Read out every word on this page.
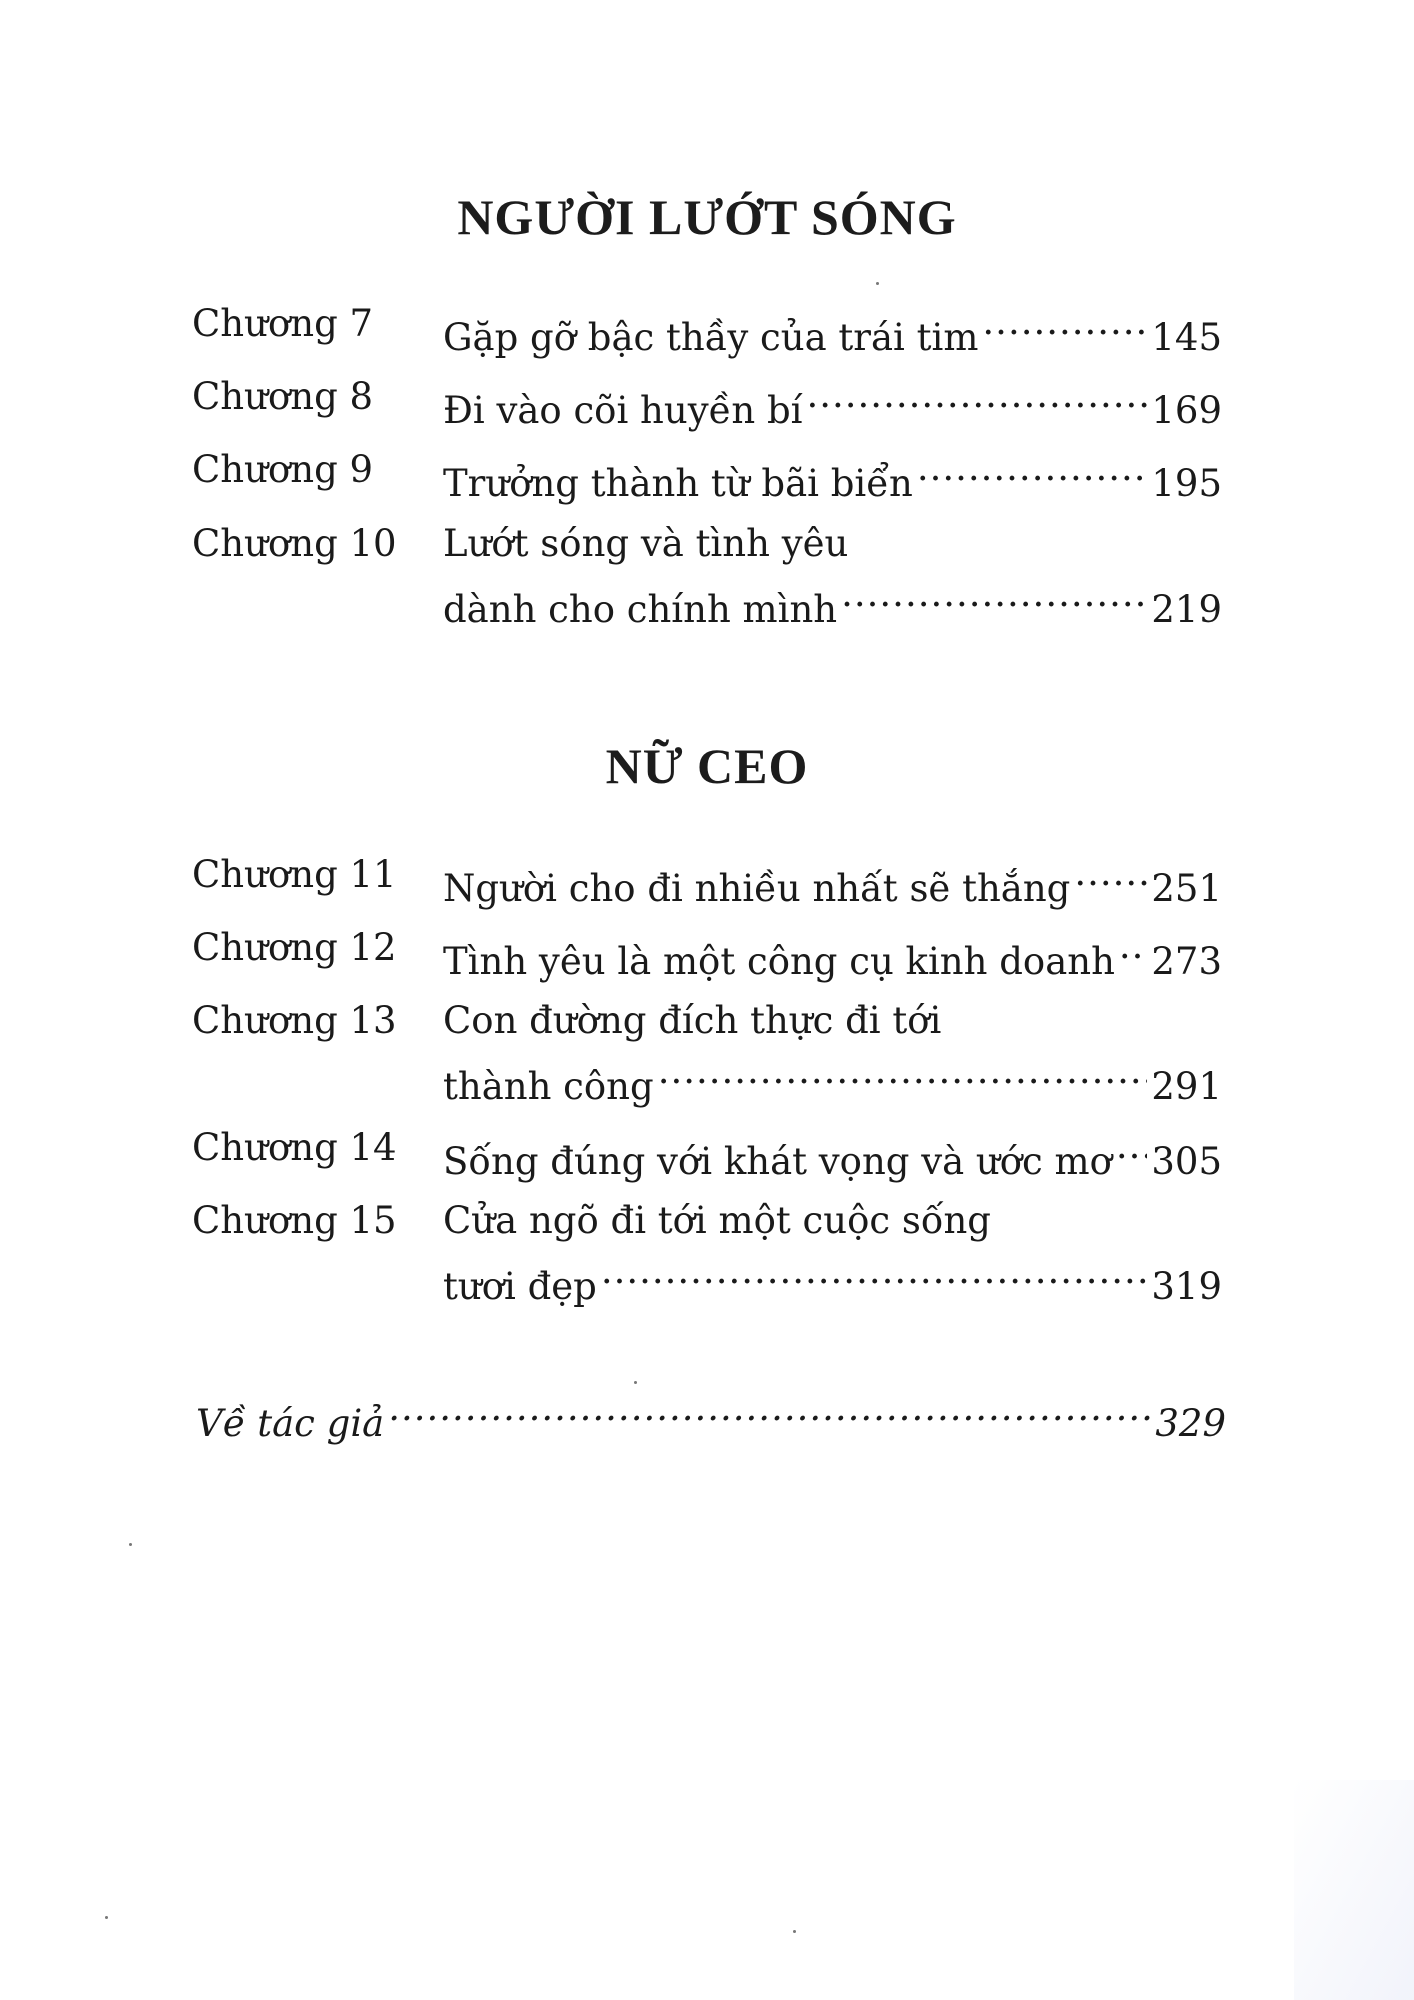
NGƯỜI LƯỚT SÓNG
Chương 7	Gặp gỡ bậc thầy của trái tim .....	145
Chương 8	Đi vào cõi huyền bí .....	169
Chương 9	Trưởng thành từ bãi biển .....	195
Chương 10	Lướt sóng và tình yêu
dành cho chính mình .....	219
NỮ CEO
Chương 11	Người cho đi nhiều nhất sẽ thắng ..... 251
Chương 12	Tình yêu là một công cụ kinh doanh ..... 273
Chương 13	Con đường đích thực đi tới
thành công .....	291
Chương 14	Sống đúng với khát vọng và ước mơ ..... 305
Chương 15	Cửa ngõ đi tới một cuộc sống
tươi đẹp .....	319
Về tác giả .....	329
